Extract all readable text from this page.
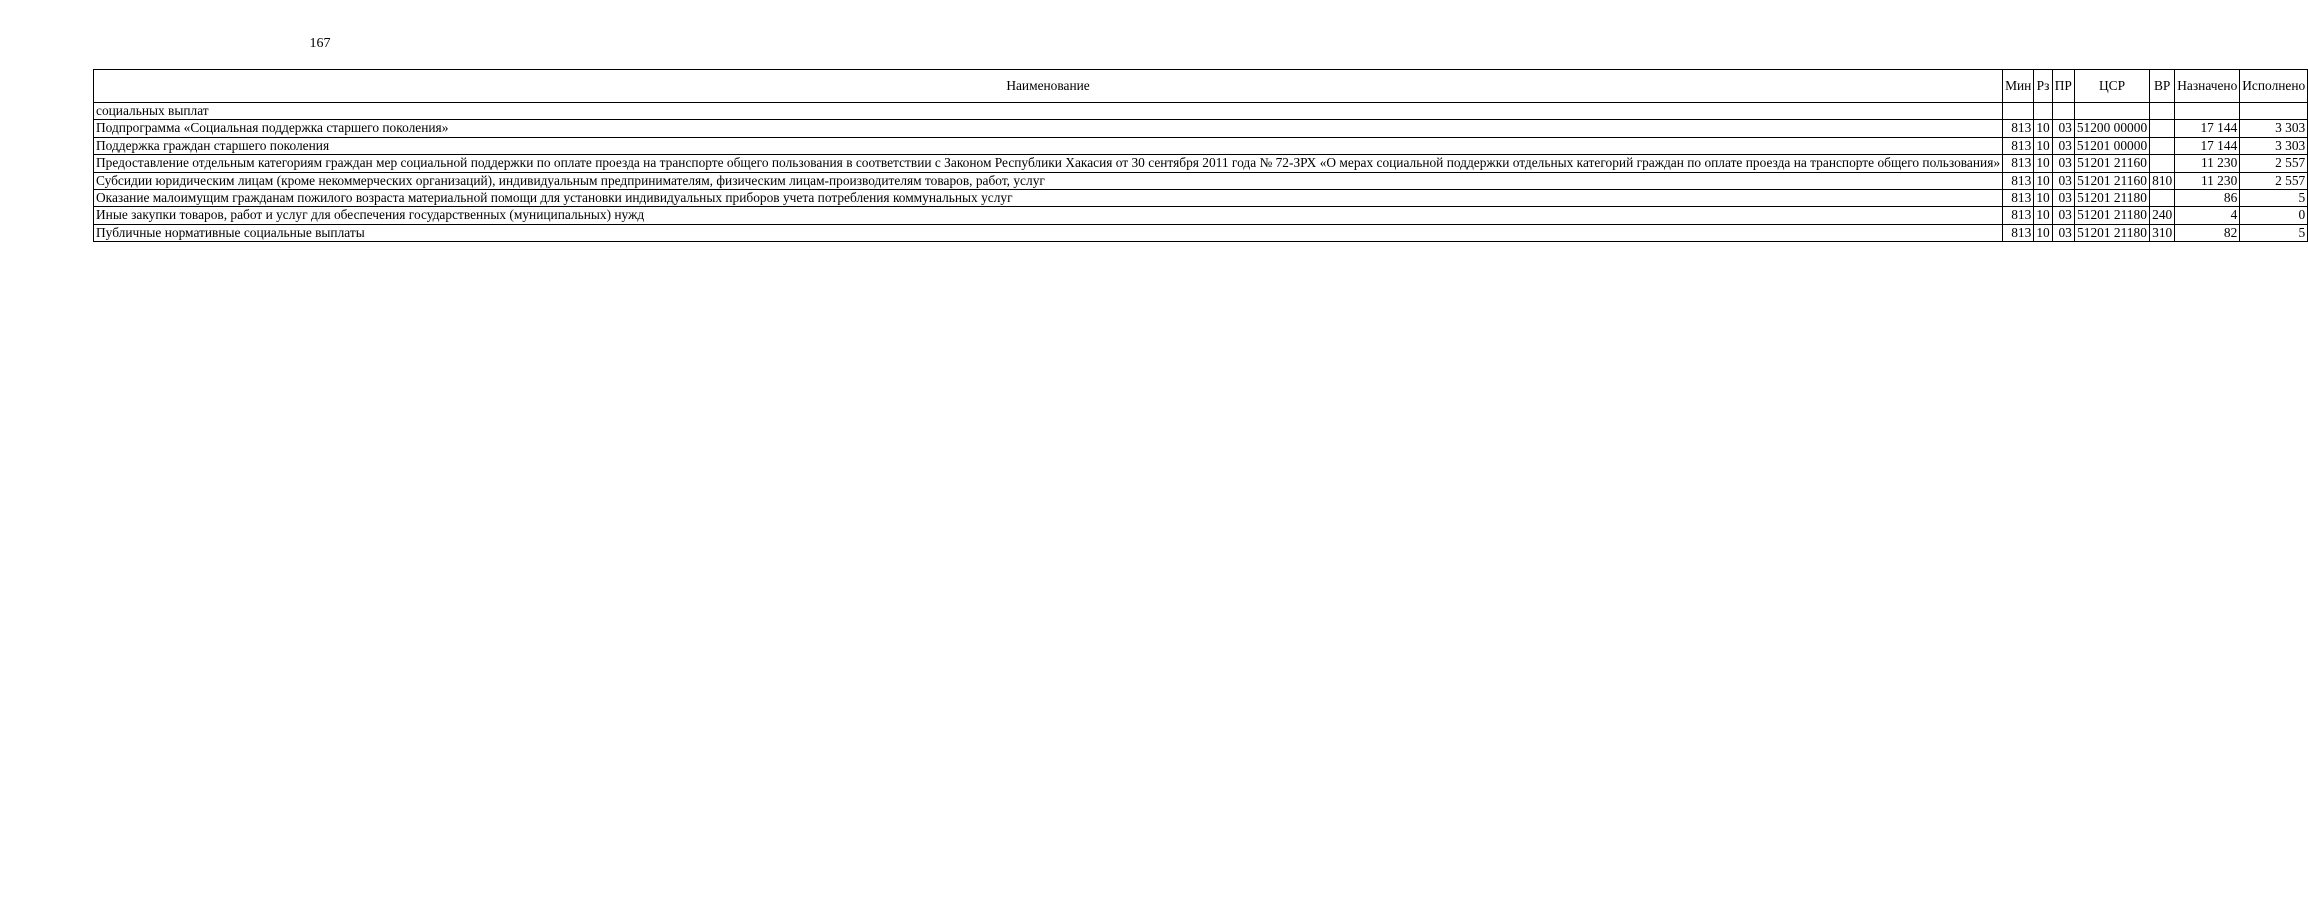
167
Наименование	Мин	Рз	ПР	ЦСР	ВР	Назначено	Исполнено
социальных выплат							
Подпрограмма «Социальная поддержка старшего поколения»	813	10	03	51200 00000		17 144	3 303
Поддержка граждан старшего поколения	813	10	03	51201 00000		17 144	3 303
Предоставление отдельным категориям граждан мер социальной поддержки по оплате проезда на транспорте общего пользования в соответствии с Законом Республики Хакасия от 30 сентября 2011 года № 72-ЗРХ «О мерах социальной поддержки отдельных категорий граждан по оплате проезда на транспорте общего пользования»	813	10	03	51201 21160		11 230	2 557
Субсидии юридическим лицам (кроме некоммерческих организаций), индивидуальным предпринимателям, физическим лицам-производителям товаров, работ, услуг	813	10	03	51201 21160	810	11 230	2 557
Оказание малоимущим гражданам пожилого возраста материальной помощи для установки индивидуальных приборов учета потребления коммунальных услуг	813	10	03	51201 21180		86	5
Иные закупки товаров, работ и услуг для обеспечения государственных (муниципальных) нужд	813	10	03	51201 21180	240	4	0
Публичные нормативные социальные выплаты	813	10	03	51201 21180	310	82	5
